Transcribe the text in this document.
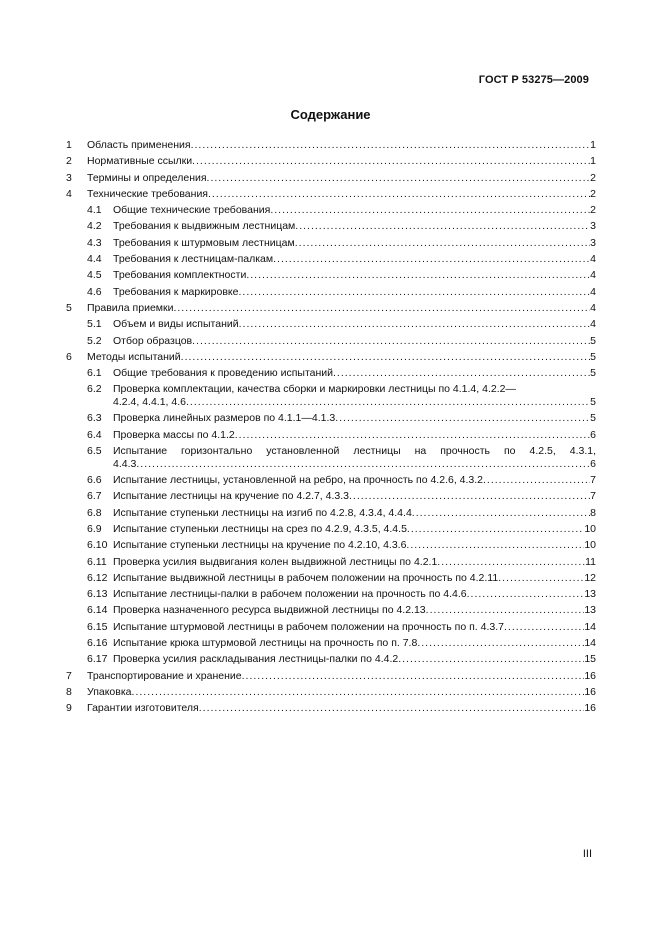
ГОСТ Р 53275—2009
Содержание
1 Область применения .....	1
2 Нормативные ссылки .....	1
3 Термины и определения .....	2
4 Технические требования .....	2
4.1 Общие технические требования .....	2
4.2 Требования к выдвижным лестницам .....	3
4.3 Требования к штурмовым лестницам .....	3
4.4 Требования к лестницам-палкам .....	4
4.5 Требования комплектности .....	4
4.6 Требования к маркировке .....	4
5 Правила приемки .....	4
5.1 Объем и виды испытаний .....	4
5.2 Отбор образцов .....	5
6 Методы испытаний .....	5
6.1 Общие требования к проведению испытаний .....	5
6.2 Проверка комплектации, качества сборки и маркировки лестницы по 4.1.4, 4.2.2—
4.2.4, 4.4.1, 4.6 .....	5
6.3 Проверка линейных размеров по 4.1.1—4.1.3 .....	5
6.4 Проверка массы по 4.1.2 .....	6
6.5 Испытание горизонтально установленной лестницы на прочность по 4.2.5, 4.3.1,
4.4.3 .....	6
6.6 Испытание лестницы, установленной на ребро, на прочность по 4.2.6, 4.3.2 .....	7
6.7 Испытание лестницы на кручение по 4.2.7, 4.3.3 .....	7
6.8 Испытание ступеньки лестницы на изгиб по 4.2.8, 4.3.4, 4.4.4 .....	8
6.9 Испытание ступеньки лестницы на срез по 4.2.9, 4.3.5, 4.4.5 .....	10
6.10 Испытание ступеньки лестницы на кручение по 4.2.10, 4.3.6 .....	10
6.11 Проверка усилия выдвигания колен выдвижной лестницы по 4.2.1 .....	11
6.12 Испытание выдвижной лестницы в рабочем положении на прочность по 4.2.11 .....	12
6.13 Испытание лестницы-палки в рабочем положении на прочность по 4.4.6 .....	13
6.14 Проверка назначенного ресурса выдвижной лестницы по 4.2.13 .....	13
6.15 Испытание штурмовой лестницы в рабочем положении на прочность по п. 4.3.7 .....	14
6.16 Испытание крюка штурмовой лестницы на прочность по п. 7.8 .....	14
6.17 Проверка усилия раскладывания лестницы-палки по 4.4.2 .....	15
7 Транспортирование и хранение .....	16
8 Упаковка .....	16
9 Гарантии изготовителя .....	16
III
